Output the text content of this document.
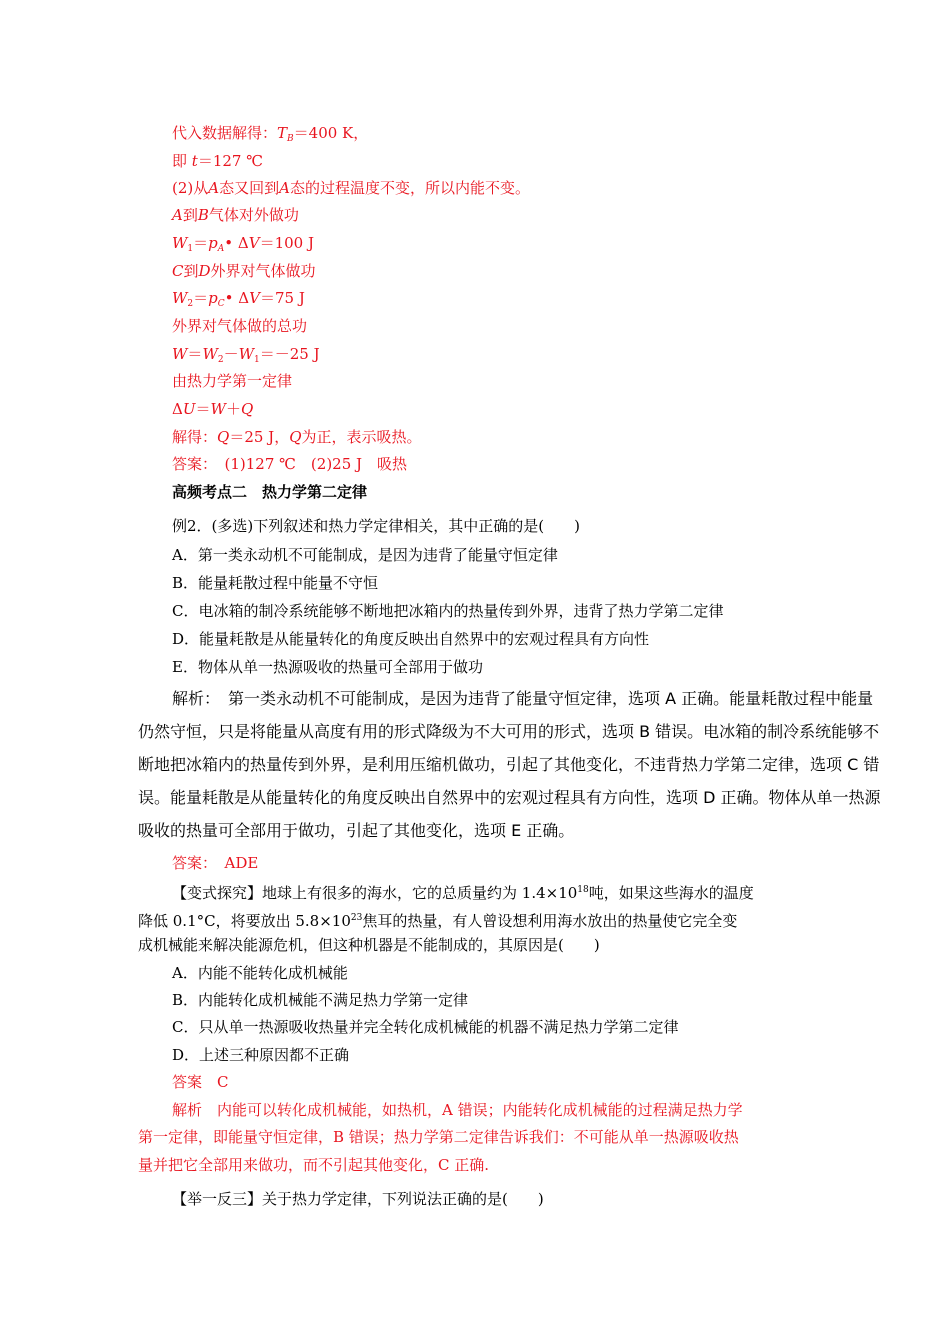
代入数据解得：$T_B=400$ K，
即 t＝127 ℃
(2)从A态又回到A态的过程温度不变，所以内能不变。
A到B气体对外做功
$W_1=p_A•$ ΔV＝100 J
C到D外界对气体做功
$W_2=p_C•$ ΔV＝75 J
外界对气体做的总功
$W=W_2-W_1=-25$ J
由热力学第一定律
ΔU＝W＋Q
解得：Q＝25 J，Q为正，表示吸热。
答案：　(1)127 ℃　(2)25 J　吸热
高频考点二　热力学第二定律
例2．(多选)下列叙述和热力学定律相关，其中正确的是(　　)
A．第一类永动机不可能制成，是因为违背了能量守恒定律
B．能量耗散过程中能量不守恒
C．电冰箱的制冷系统能够不断地把冰箱内的热量传到外界，违背了热力学第二定律
D．能量耗散是从能量转化的角度反映出自然界中的宏观过程具有方向性
E．物体从单一热源吸收的热量可全部用于做功
解析：　第一类永动机不可能制成，是因为违背了能量守恒定律，选项 A 正确。能量耗散过程中能量
仍然守恒，只是将能量从高度有用的形式降级为不大可用的形式，选项 B 错误。电冰箱的制冷系统能够不
断地把冰箱内的热量传到外界，是利用压缩机做功，引起了其他变化，不违背热力学第二定律，选项 C 错
误。能量耗散是从能量转化的角度反映出自然界中的宏观过程具有方向性，选项 D 正确。物体从单一热源
吸收的热量可全部用于做功，引起了其他变化，选项 E 正确。
答案：　ADE
【变式探究】地球上有很多的海水，它的总质量约为 $1.4\times 10^{18}$吨，如果这些海水的温度
降低 0.1°C，将要放出 $5.8\times 10^{23}$焦耳的热量，有人曾设想利用海水放出的热量使它完全变
成机械能来解决能源危机，但这种机器是不能制成的，其原因是(　　)
A．内能不能转化成机械能
B．内能转化成机械能不满足热力学第一定律
C．只从单一热源吸收热量并完全转化成机械能的机器不满足热力学第二定律
D．上述三种原因都不正确
答案　C
解析　内能可以转化成机械能，如热机，A 错误；内能转化成机械能的过程满足热力学
第一定律，即能量守恒定律，B 错误；热力学第二定律告诉我们：不可能从单一热源吸收热
量并把它全部用来做功，而不引起其他变化，C 正确.
【举一反三】关于热力学定律，下列说法正确的是(　　)
